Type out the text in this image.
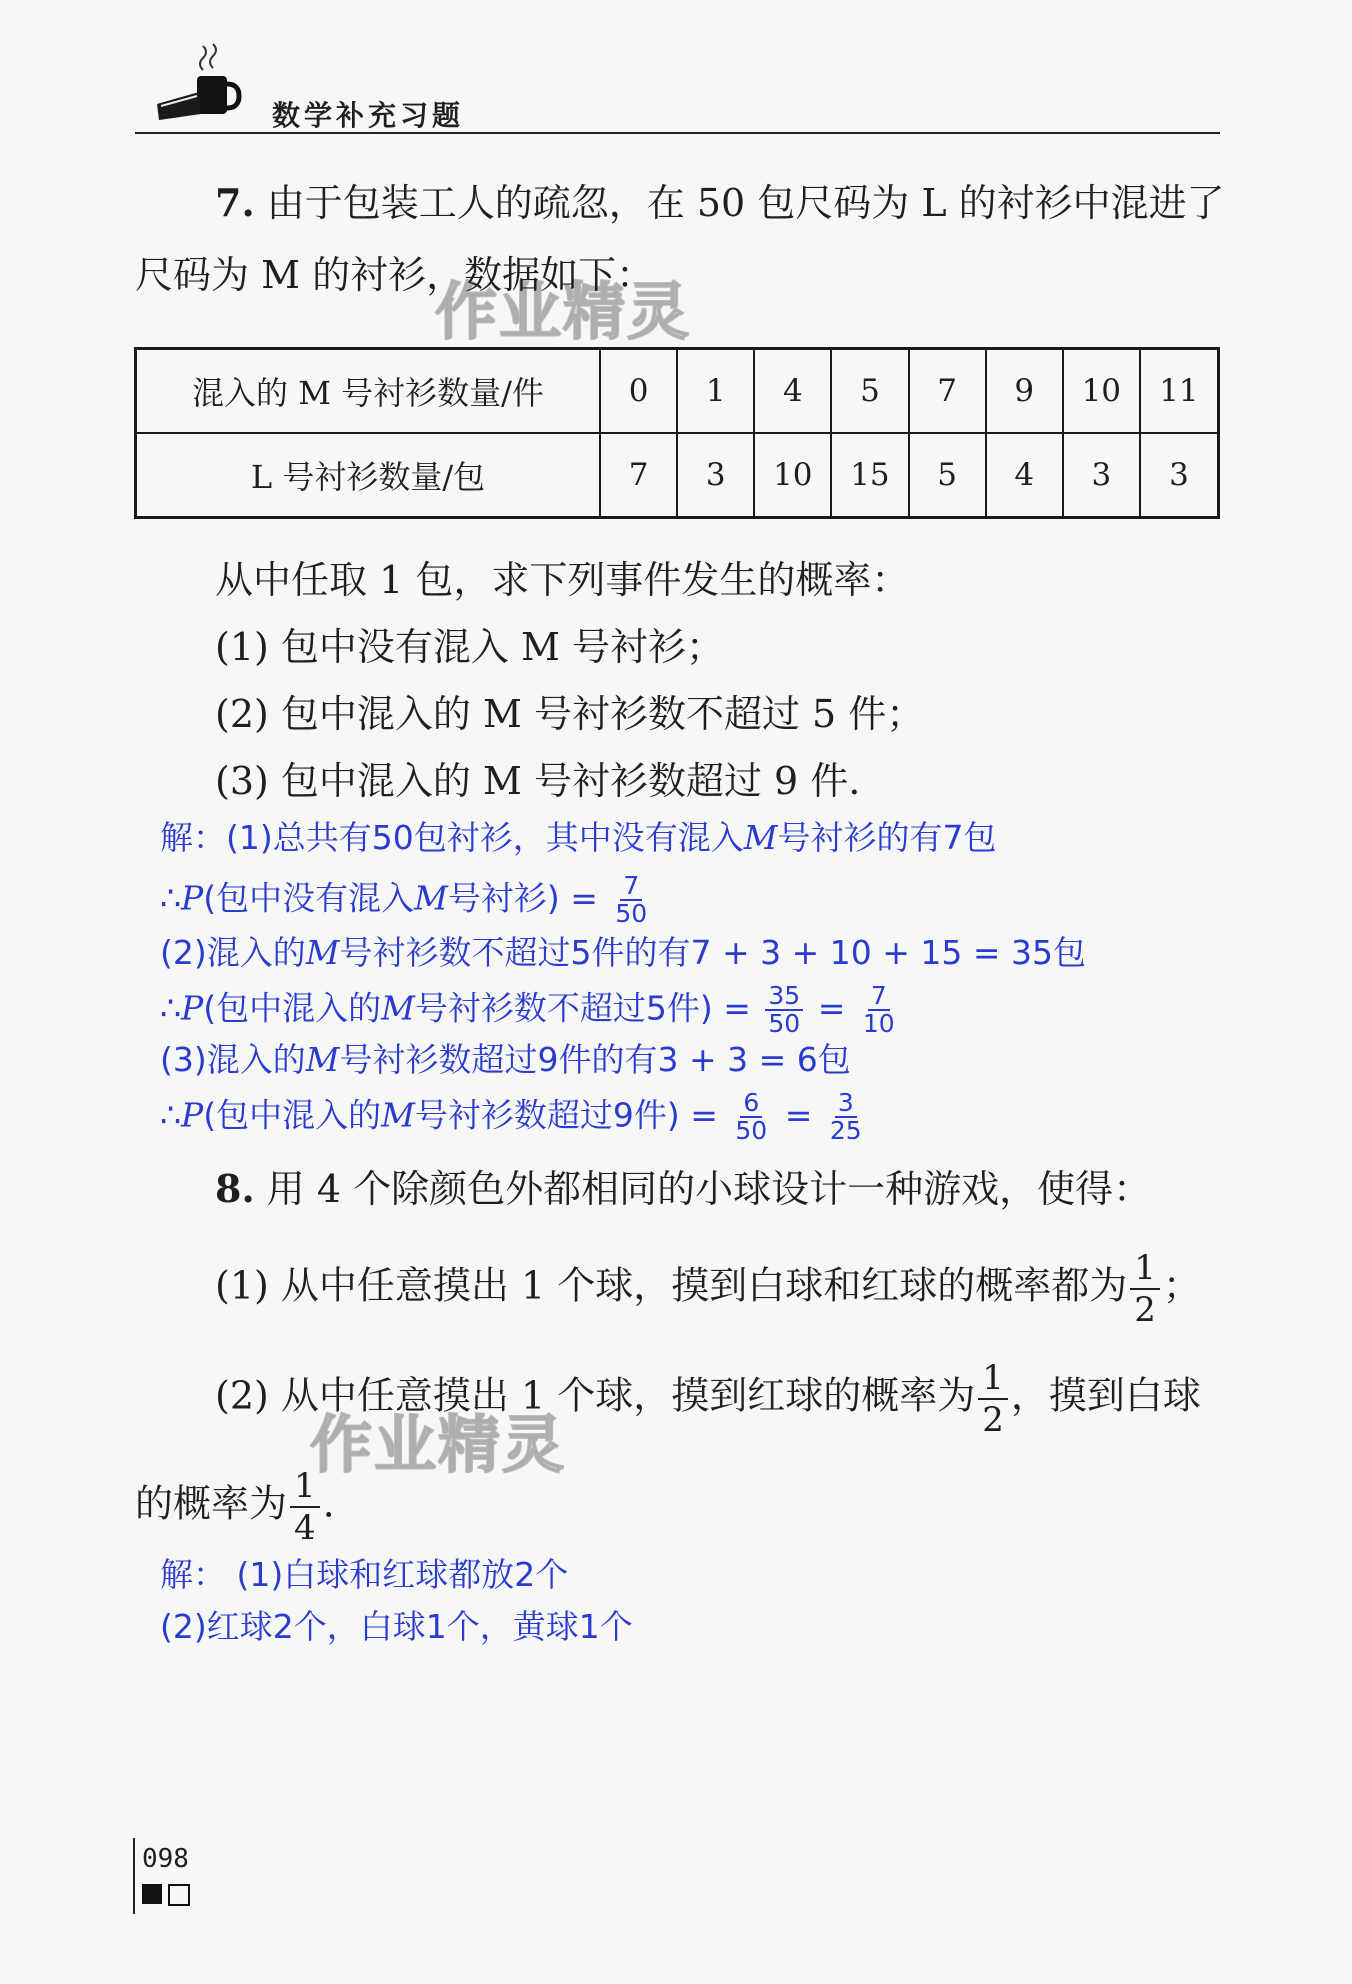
数学补充习题
作业精灵
作业精灵
7. 由于包装工人的疏忽，在 50 包尺码为 L 的衬衫中混进了
尺码为 M 的衬衫，数据如下：
混入的 M 号衬衫数量/件	0	1	4	5	7	9	10	11
L 号衬衫数量/包	7	3	10	15	5	4	3	3
从中任取 1 包，求下列事件发生的概率：
(1) 包中没有混入 M 号衬衫；
(2) 包中混入的 M 号衬衫数不超过 5 件；
(3) 包中混入的 M 号衬衫数超过 9 件.
解：(1)总共有50包衬衫，其中没有混入M号衬衫的有7包
∴P(包中没有混入M号衬衫) = $\frac{7}{50}$
(2)混入的M号衬衫数不超过5件的有7 + 3 + 10 + 15 = 35包
∴P(包中混入的M号衬衫数不超过5件) = $\frac{35}{50} = \frac{7}{10}$
(3)混入的M号衬衫数超过9件的有3 + 3 = 6包
∴P(包中混入的M号衬衫数超过9件) = $\frac{6}{50} = \frac{3}{25}$
8. 用 4 个除颜色外都相同的小球设计一种游戏，使得：
(1) 从中任意摸出 1 个球，摸到白球和红球的概率都为 $\frac{1}{2}$ ；
(2) 从中任意摸出 1 个球，摸到红球的概率为 $\frac{1}{2}$ ，摸到白球
的概率为 $\frac{1}{4}$ .
解： (1)白球和红球都放2个
(2)红球2个，白球1个，黄球1个
098
